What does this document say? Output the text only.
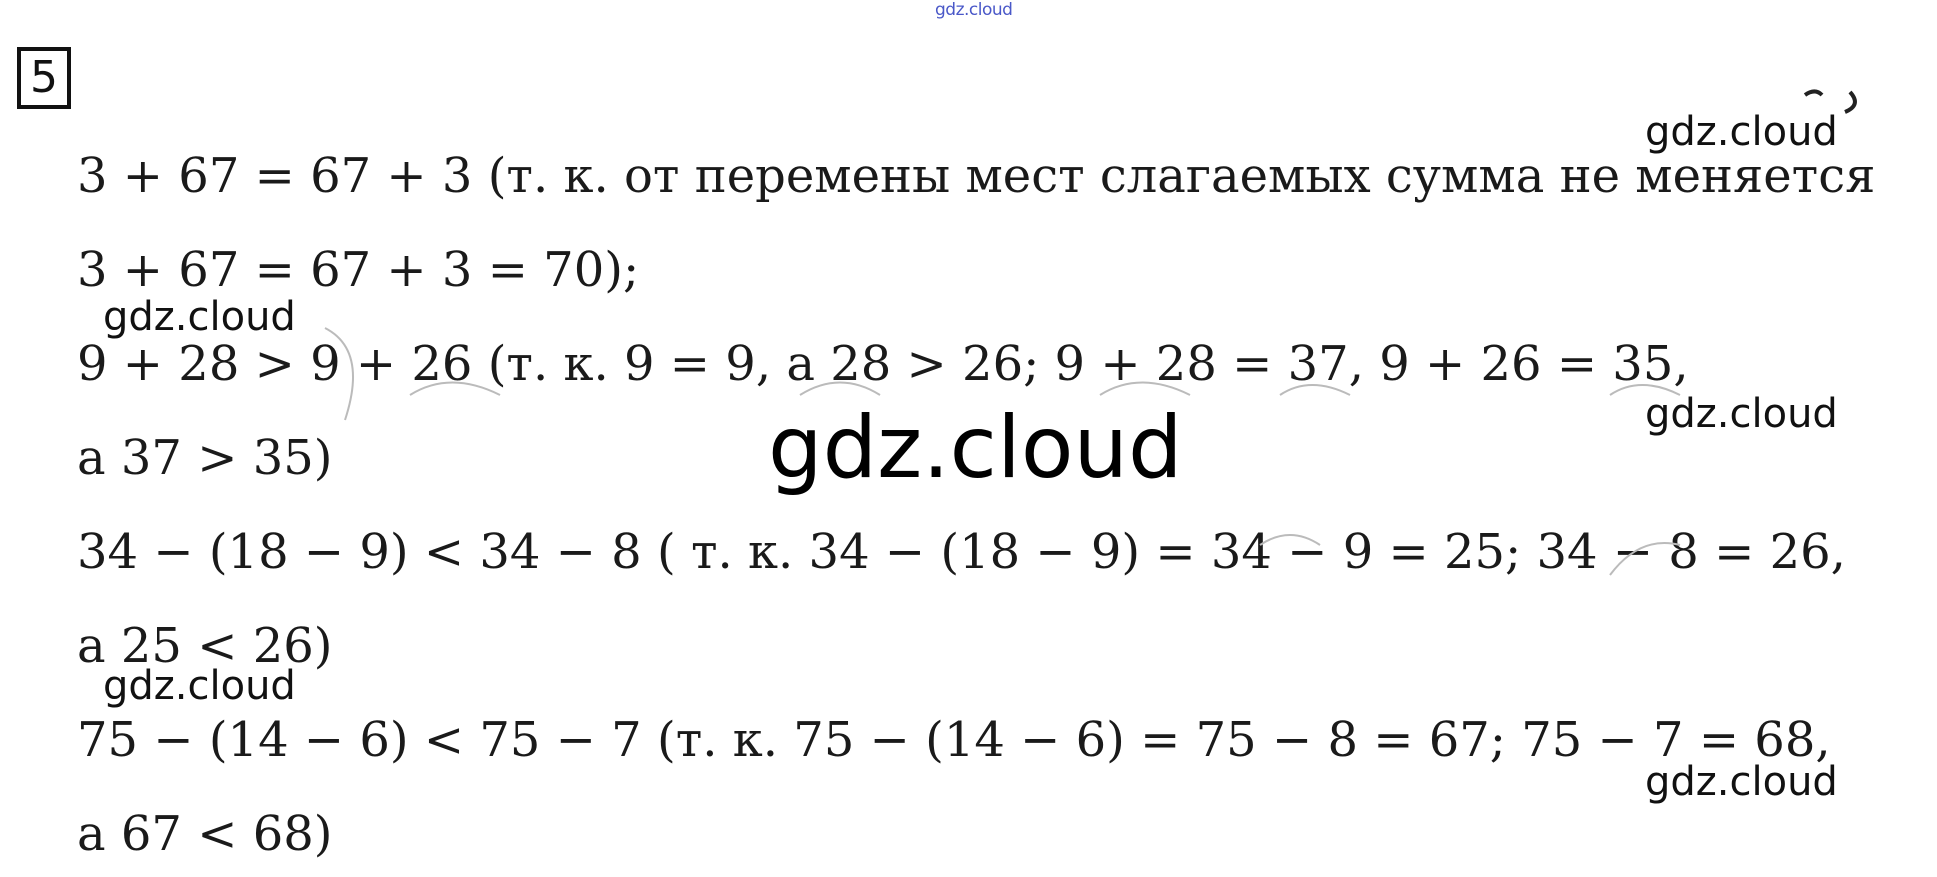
gdz.cloud
5
3 + 67 = 67 + 3 (т. к. от перемены мест слагаемых сумма не меняется
3 + 67 = 67 + 3 = 70);
9 + 28 > 9 + 26 (т. к. 9 = 9, а 28 > 26; 9 + 28 = 37, 9 + 26 = 35,
а 37 > 35)
34 − (18 − 9) < 34 − 8 ( т. к. 34 − (18 − 9) = 34 − 9 = 25; 34 − 8 = 26,
а 25 < 26)
75 − (14 − 6) < 75 − 7 (т. к. 75 − (14 − 6) = 75 − 8 = 67; 75 − 7 = 68,
а 67 < 68)
gdz.cloud
gdz.cloud
gdz.cloud
gdz.cloud
gdz.cloud
gdz.cloud
